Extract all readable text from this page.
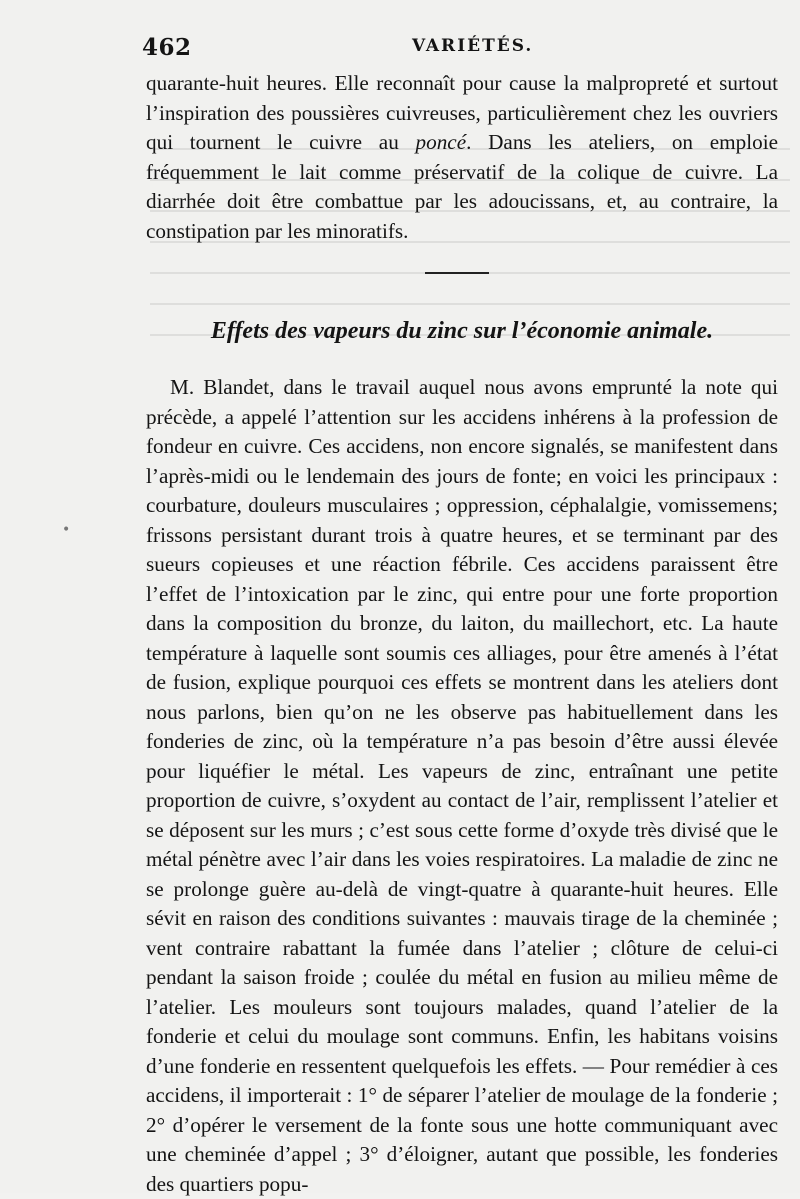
462	VARIÉTÉS.
quarante-huit heures. Elle reconnaît pour cause la malpropreté et surtout l’inspiration des poussières cuivreuses, particulièrement chez les ouvriers qui tournent le cuivre au poncé. Dans les ateliers, on emploie fréquemment le lait comme préservatif de la colique de cuivre. La diarrhée doit être combattue par les adoucissans, et, au contraire, la constipation par les minoratifs.
Effets des vapeurs du zinc sur l’économie animale.
M. Blandet, dans le travail auquel nous avons emprunté la note qui précède, a appelé l’attention sur les accidens inhérens à la profession de fondeur en cuivre. Ces accidens, non encore signalés, se manifestent dans l’après-midi ou le lendemain des jours de fonte; en voici les principaux : courbature, douleurs musculaires ; oppression, céphalalgie, vomissemens; frissons persistant durant trois à quatre heures, et se terminant par des sueurs copieuses et une réaction fébrile. Ces accidens paraissent être l’effet de l’intoxication par le zinc, qui entre pour une forte proportion dans la composition du bronze, du laiton, du maillechort, etc. La haute température à laquelle sont soumis ces alliages, pour être amenés à l’état de fusion, explique pourquoi ces effets se montrent dans les ateliers dont nous parlons, bien qu’on ne les observe pas habituellement dans les fonderies de zinc, où la température n’a pas besoin d’être aussi élevée pour liquéfier le métal. Les vapeurs de zinc, entraînant une petite proportion de cuivre, s’oxydent au contact de l’air, remplissent l’atelier et se déposent sur les murs ; c’est sous cette forme d’oxyde très divisé que le métal pénètre avec l’air dans les voies respiratoires. La maladie de zinc ne se prolonge guère au-delà de vingt-quatre à quarante-huit heures. Elle sévit en raison des conditions suivantes : mauvais tirage de la cheminée ; vent contraire rabattant la fumée dans l’atelier ; clôture de celui-ci pendant la saison froide ; coulée du métal en fusion au milieu même de l’atelier. Les mouleurs sont toujours malades, quand l’atelier de la fonderie et celui du moulage sont communs. Enfin, les habitans voisins d’une fonderie en ressentent quelquefois les effets. — Pour remédier à ces accidens, il importerait : 1° de séparer l’atelier de moulage de la fonderie ; 2° d’opérer le versement de la fonte sous une hotte communiquant avec une cheminée d’appel ; 3° d’éloigner, autant que possible, les fonderies des quartiers popu-
•
